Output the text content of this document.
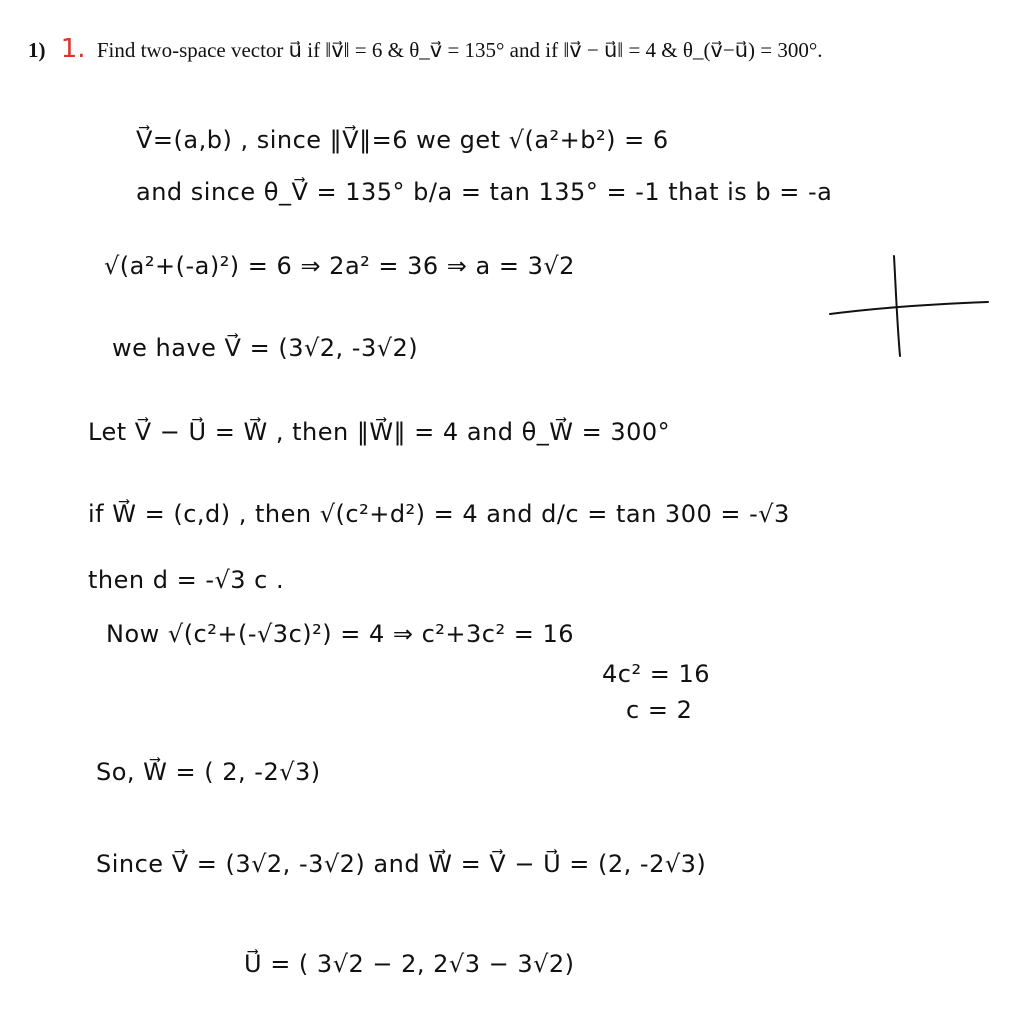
1) 1. Find two-space vector u⃗ if ‖v⃗‖ = 6 & θ_v⃗ = 135° and if ‖v⃗ − u⃗‖ = 4 & θ_(v⃗−u⃗) = 300°.
V⃗=(a,b) , since ‖V⃗‖=6 we get √(a²+b²) = 6
and since θ_V⃗ = 135° b/a = tan 135° = -1 that is b = -a
√(a²+(-a)²) = 6 ⇒ 2a² = 36 ⇒ a = 3√2
we have V⃗ = (3√2, -3√2)
Let V⃗ − U⃗ = W⃗ , then ‖W⃗‖ = 4 and θ_W⃗ = 300°
if W⃗ = (c,d) , then √(c²+d²) = 4 and d/c = tan 300 = -√3
then d = -√3 c .
Now √(c²+(-√3c)²) = 4 ⇒ c²+3c² = 16
4c² = 16
c = 2
So, W⃗ = ( 2, -2√3)
Since V⃗ = (3√2, -3√2) and W⃗ = V⃗ − U⃗ = (2, -2√3)
U⃗ = ( 3√2 − 2, 2√3 − 3√2)
